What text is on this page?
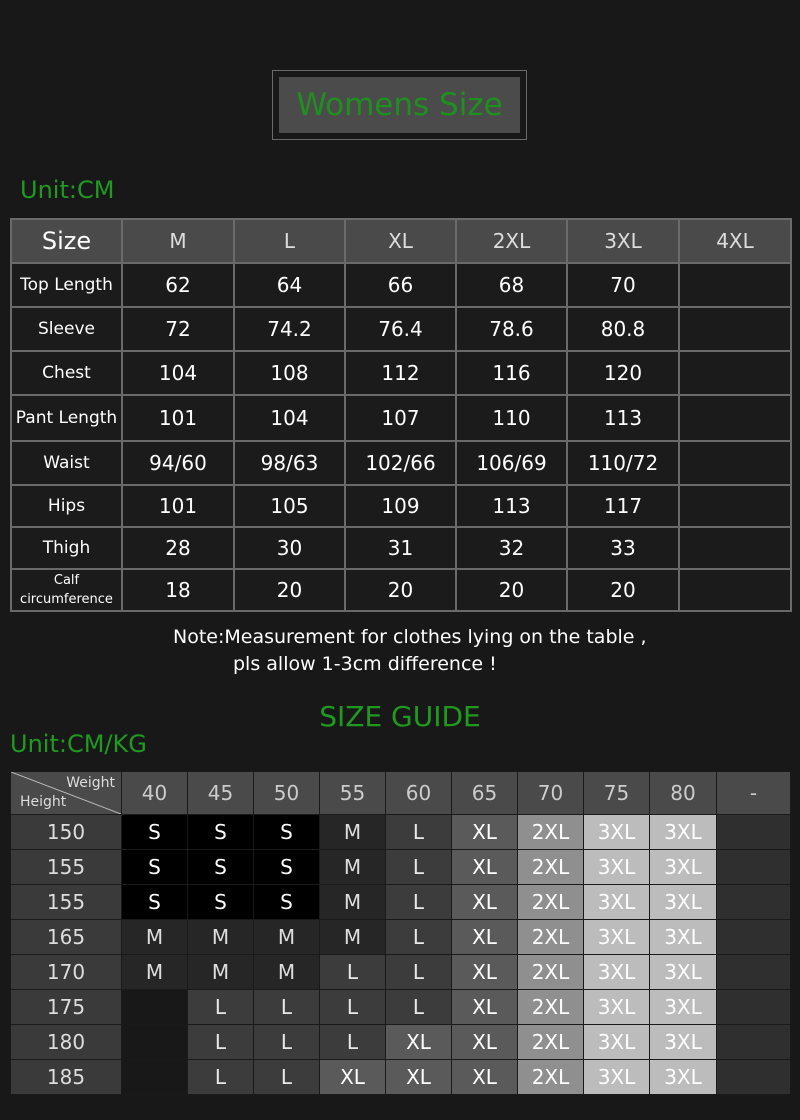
Womens Size
Unit:CM
Size	M	L	XL	2XL	3XL	4XL
Top Length	62	64	66	68	70	
Sleeve	72	74.2	76.4	78.6	80.8	
Chest	104	108	112	116	120	
Pant Length	101	104	107	110	113	
Waist	94/60	98/63	102/66	106/69	110/72	
Hips	101	105	109	113	117	
Thigh	28	30	31	32	33	
Calf circumference	18	20	20	20	20	
Note:Measurement for clothes lying on the table ,
pls allow 1-3cm difference !
SIZE GUIDE
Unit:CM/KG
Weight
Height	40	45	50	55	60	65	70	75	80	-
150	S	S	S	M	L	XL	2XL	3XL	3XL	
155	S	S	S	M	L	XL	2XL	3XL	3XL	
155	S	S	S	M	L	XL	2XL	3XL	3XL	
165	M	M	M	M	L	XL	2XL	3XL	3XL	
170	M	M	M	L	L	XL	2XL	3XL	3XL	
175		L	L	L	L	XL	2XL	3XL	3XL	
180		L	L	L	XL	XL	2XL	3XL	3XL	
185		L	L	XL	XL	XL	2XL	3XL	3XL	
